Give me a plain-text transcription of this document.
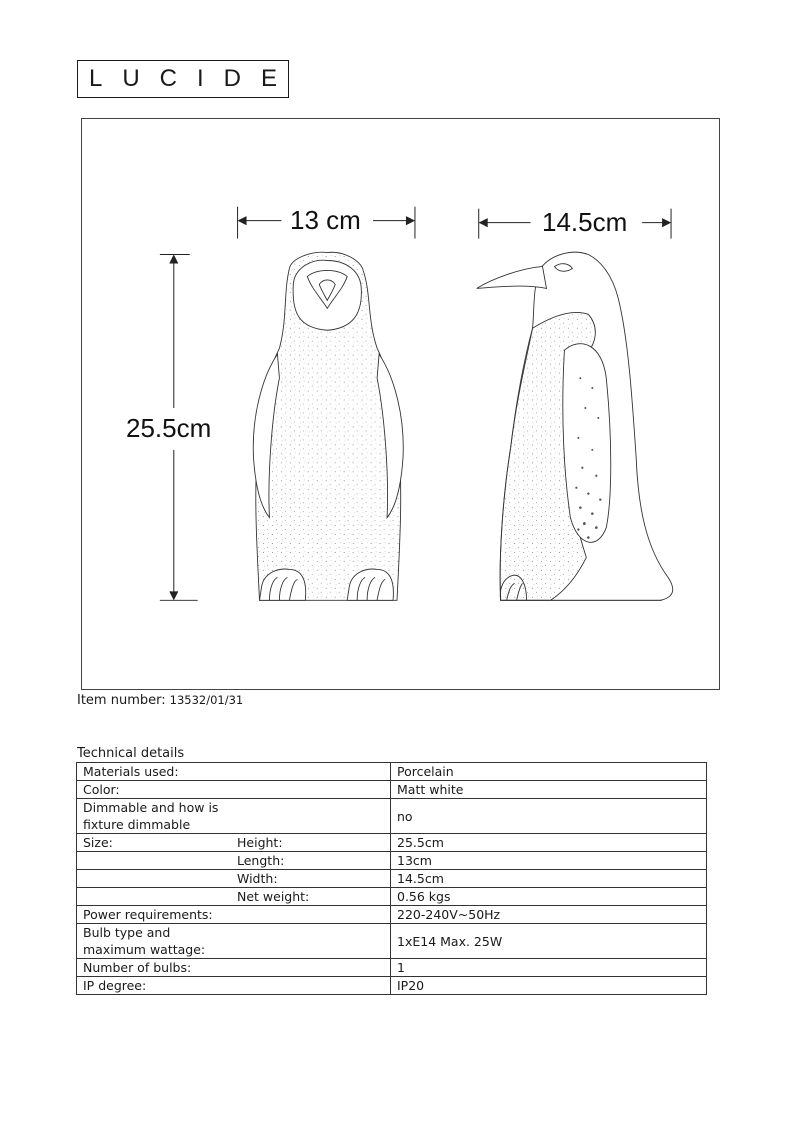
LUCIDE
13 cm	14.5cm
25.5cm
Item number: 13532/01/31
Technical details
Materials used:	Porcelain

Color:	Matt white

Dimmable and how is fixture dimmable	no

Size: Height:	25.5cm

Length:	13cm

Width:	14.5cm

Net weight:	0.56 kgs

Power requirements:	220-240V~50Hz

Bulb type and maximum wattage:	1xE14 Max. 25W

Number of bulbs:	1

IP degree:	IP20
